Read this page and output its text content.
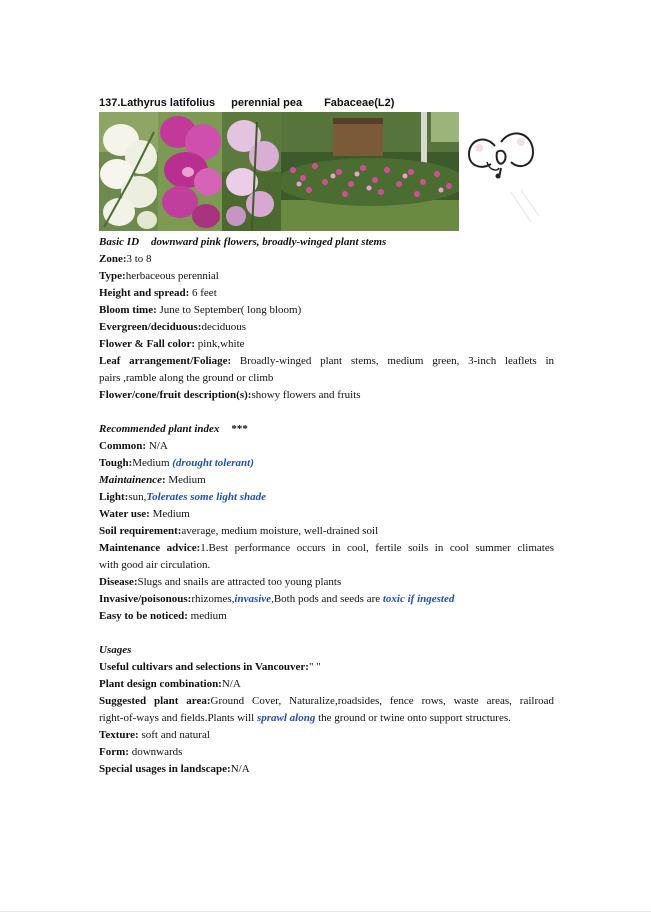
137.Lathyrus latifolius perennial pea Fabaceae(L2)
Basic ID downward pink flowers, broadly-winged plant stems
Zone:3 to 8
Type:herbaceous perennial
Height and spread: 6 feet
Bloom time: June to September( long bloom)
Evergreen/deciduous:deciduous
Flower & Fall color: pink,white
Leaf arrangement/Foliage: Broadly-winged plant stems, medium green, 3-inch leaflets in
pairs ,ramble along the ground or climb
Flower/cone/fruit description(s):showy flowers and fruits
Recommended plant index ***
Common: N/A
Tough:Medium (drought tolerant)
Maintainence: Medium
Light:sun,Tolerates some light shade
Water use: Medium
Soil requirement:average, medium moisture, well-drained soil
Maintenance advice:1.Best performance occurs in cool, fertile soils in cool summer climates
with good air circulation.
Disease:Slugs and snails are attracted too young plants
Invasive/poisonous:rhizomes,invasive,Both pods and seeds are toxic if ingested
Easy to be noticed: medium
Usages
Useful cultivars and selections in Vancouver:" "
Plant design combination:N/A
Suggested plant area:Ground Cover, Naturalize,roadsides, fence rows, waste areas, railroad
right-of-ways and fields.Plants will sprawl along the ground or twine onto support structures.
Texture: soft and natural
Form: downwards
Special usages in landscape:N/A
